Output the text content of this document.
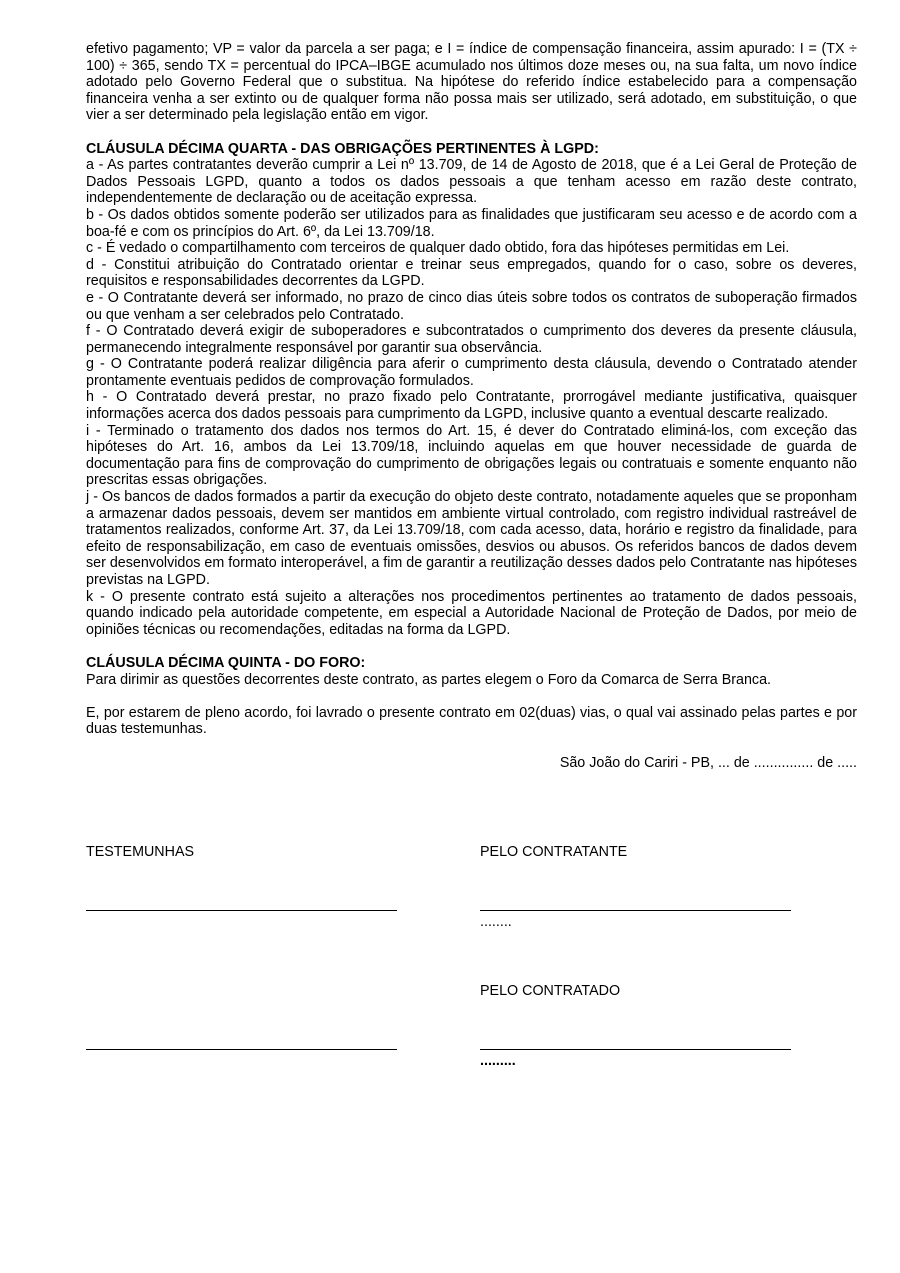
efetivo pagamento; VP = valor da parcela a ser paga; e I = índice de compensação financeira, assim apurado: I = (TX ÷ 100) ÷ 365, sendo TX = percentual do IPCA–IBGE acumulado nos últimos doze meses ou, na sua falta, um novo índice adotado pelo Governo Federal que o substitua. Na hipótese do referido índice estabelecido para a compensação financeira venha a ser extinto ou de qualquer forma não possa mais ser utilizado, será adotado, em substituição, o que vier a ser determinado pela legislação então em vigor.

CLÁUSULA DÉCIMA QUARTA - DAS OBRIGAÇÕES PERTINENTES À LGPD:

a - As partes contratantes deverão cumprir a Lei nº 13.709, de 14 de Agosto de 2018, que é a Lei Geral de Proteção de Dados Pessoais LGPD, quanto a todos os dados pessoais a que tenham acesso em razão deste contrato, independentemente de declaração ou de aceitação expressa.

b - Os dados obtidos somente poderão ser utilizados para as finalidades que justificaram seu acesso e de acordo com a boa-fé e com os princípios do Art. 6º, da Lei 13.709/18.

c - É vedado o compartilhamento com terceiros de qualquer dado obtido, fora das hipóteses permitidas em Lei.

d - Constitui atribuição do Contratado orientar e treinar seus empregados, quando for o caso, sobre os deveres, requisitos e responsabilidades decorrentes da LGPD.

e - O Contratante deverá ser informado, no prazo de cinco dias úteis sobre todos os contratos de suboperação firmados ou que venham a ser celebrados pelo Contratado.

f - O Contratado deverá exigir de suboperadores e subcontratados o cumprimento dos deveres da presente cláusula, permanecendo integralmente responsável por garantir sua observância.

g - O Contratante poderá realizar diligência para aferir o cumprimento desta cláusula, devendo o Contratado atender prontamente eventuais pedidos de comprovação formulados.

h - O Contratado deverá prestar, no prazo fixado pelo Contratante, prorrogável mediante justificativa, quaisquer informações acerca dos dados pessoais para cumprimento da LGPD, inclusive quanto a eventual descarte realizado.

i - Terminado o tratamento dos dados nos termos do Art. 15, é dever do Contratado eliminá-los, com exceção das hipóteses do Art. 16, ambos da Lei 13.709/18, incluindo aquelas em que houver necessidade de guarda de documentação para fins de comprovação do cumprimento de obrigações legais ou contratuais e somente enquanto não prescritas essas obrigações.

j - Os bancos de dados formados a partir da execução do objeto deste contrato, notadamente aqueles que se proponham a armazenar dados pessoais, devem ser mantidos em ambiente virtual controlado, com registro individual rastreável de tratamentos realizados, conforme Art. 37, da Lei 13.709/18, com cada acesso, data, horário e registro da finalidade, para efeito de responsabilização, em caso de eventuais omissões, desvios ou abusos. Os referidos bancos de dados devem ser desenvolvidos em formato interoperável, a fim de garantir a reutilização desses dados pelo Contratante nas hipóteses previstas na LGPD.

k - O presente contrato está sujeito a alterações nos procedimentos pertinentes ao tratamento de dados pessoais, quando indicado pela autoridade competente, em especial a Autoridade Nacional de Proteção de Dados, por meio de opiniões técnicas ou recomendações, editadas na forma da LGPD.

CLÁUSULA DÉCIMA QUINTA - DO FORO:

Para dirimir as questões decorrentes deste contrato, as partes elegem o Foro da Comarca de Serra Branca.

E, por estarem de pleno acordo, foi lavrado o presente contrato em 02(duas) vias, o qual vai assinado pelas partes e por duas testemunhas.

São João do Cariri - PB, ... de ............... de .....

TESTEMUNHAS	PELO CONTRATANTE
........
PELO CONTRATADO
.........
